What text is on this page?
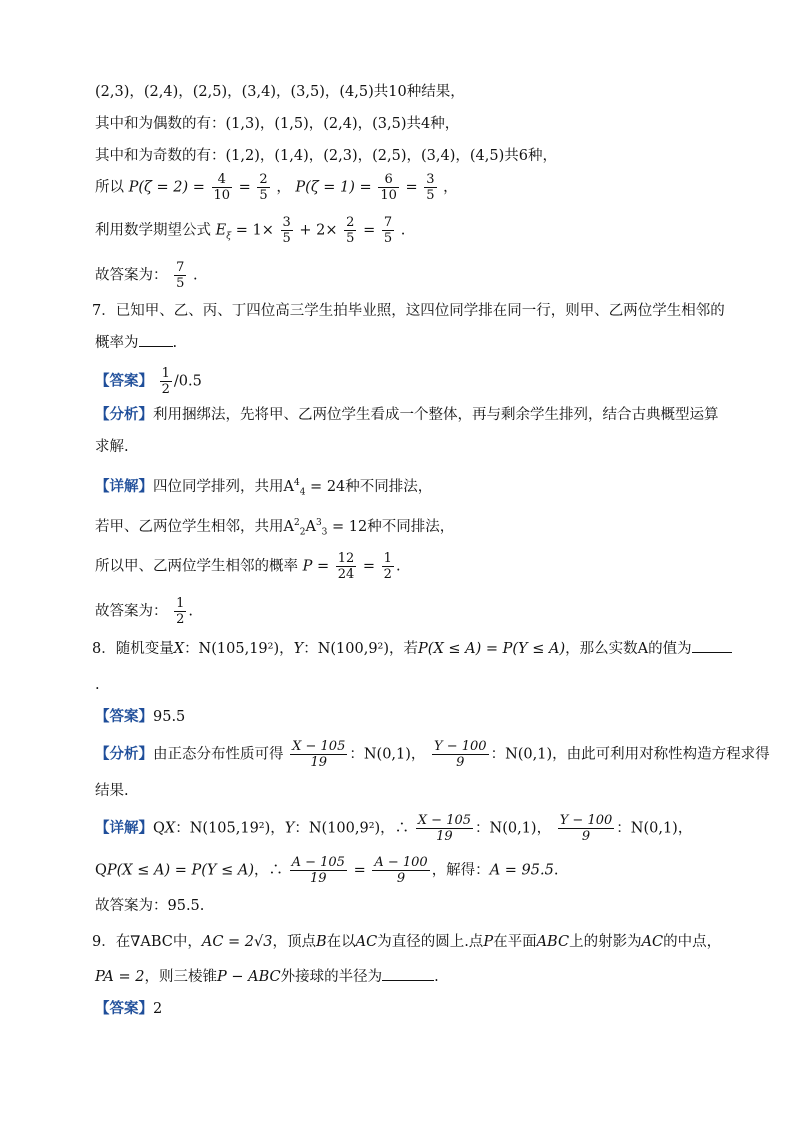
(2,3)，(2,4)，(2,5)，(3,4)，(3,5)，(4,5)共10种结果，
其中和为偶数的有：(1,3)，(1,5)，(2,4)，(3,5)共4种，
其中和为奇数的有：(1,2)，(1,4)，(2,3)，(2,5)，(3,4)，(4,5)共6种，
所以 $P(\zeta = 2) = \frac{4}{10} = \frac{2}{5}$ ， $P(\zeta = 1) = \frac{6}{10} = \frac{3}{5}$ ，
利用数学期望公式 $E_\xi = 1\times \frac{3}{5} + 2\times \frac{2}{5} = \frac{7}{5}$ .
故答案为： $\frac{7}{5}$ .
7．已知甲、乙、丙、丁四位高三学生拍毕业照，这四位同学排在同一行，则甲、乙两位学生相邻的
概率为 .
【答案】 $\frac{1}{2} /0.5$
【分析】利用捆绑法，先将甲、乙两位学生看成一个整体，再与剩余学生排列，结合古典概型运算
求解.
【详解】四位同学排列，共用$A^4_4 = 24$种不同排法，
若甲、乙两位学生相邻，共用$A^2_2A^3_3 = 12$种不同排法，
所以甲、乙两位学生相邻的概率 $P = \frac{12}{24} = \frac{1}{2}$ .
故答案为： $\frac{1}{2}$ .
8．随机变量X：N(105,19²)，Y：N(100,9²)，若P(X ≤ A) = P(Y ≤ A)，那么实数A的值为
.
【答案】95.5
【分析】由正态分布性质可得 $\frac{X - 105}{19}$ ：N(0,1)， $\frac{Y - 100}{9}$ ：N(0,1)，由此可利用对称性构造方程求得
结果.
【详解】QX：N(105,19²)，Y：N(100,9²)，∴ $\frac{X - 105}{19}$ ：N(0,1)， $\frac{Y - 100}{9}$ ：N(0,1)，
QP(X ≤ A) = P(Y ≤ A)，∴ $\frac{A - 105}{19} = \frac{A - 100}{9}$ ，解得：A = 95.5.
故答案为：95.5.
9．在∇ABC中，AC = 2√3，顶点B在以AC为直径的圆上.点P在平面ABC上的射影为AC的中点，
PA = 2，则三棱锥P − ABC外接球的半径为	.
【答案】2
